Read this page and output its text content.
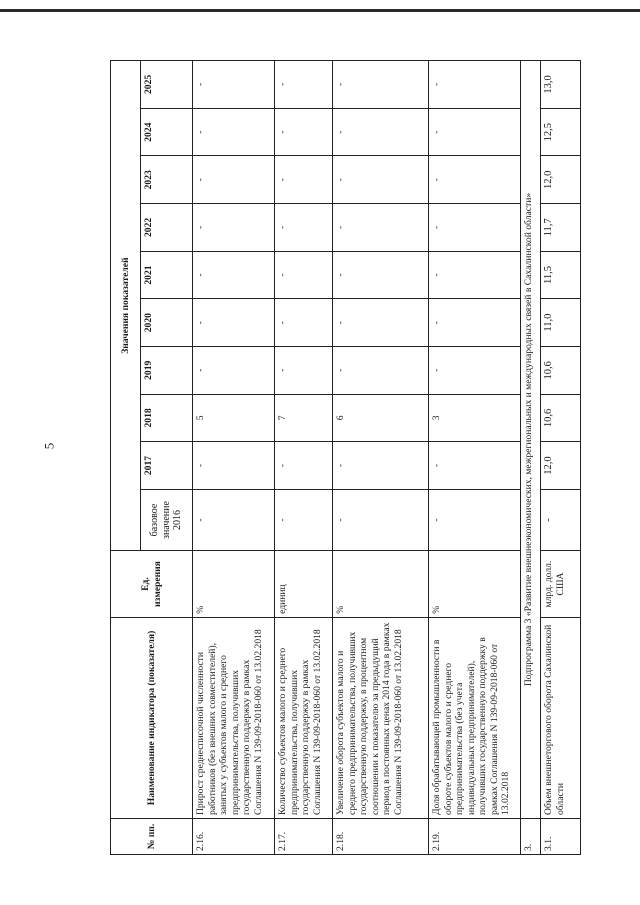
5
№ пп.	Наименование индикатора (показателя)	Ед. измерения	Значения показателей									
			базовое значение 2016	2017	2018	2019	2020	2021	2022	2023	2024	2025
2.16.	Прирост среднесписочной численности работников (без внешних совместителей), занятых у субъектов малого и среднего предпринимательства, получивших государственную поддержку в рамках Соглашения N 139-09-2018-060 от 13.02.2018	%	-	-	5	-	-	-	-	-	-	-
2.17.	Количество субъектов малого и среднего предпринимательства, получивших государственную поддержку в рамках Соглашения N 139-09-2018-060 от 13.02.2018	единиц	-	-	7	-	-	-	-	-	-	-
2.18.	Увеличение оборота субъектов малого и среднего предпринимательства, получивших государственную поддержку, в процентном соотношении к показателю за предыдущий период в постоянных ценах 2014 года в рамках Соглашения N 139-09-2018-060 от 13.02.2018	%	-	-	6	-	-	-	-	-	-	-
2.19.	Доля обрабатывающей промышленности в обороте субъектов малого и среднего предпринимательства (без учета индивидуальных предпринимателей), получивших государственную поддержку в рамках Соглашения N 139-09-2018-060 от 13.02.2018	%	-	-	3	-	-	-	-	-	-	-
3.	Подпрограмма 3 «Развитие внешнеэкономических, межрегиональных и международных связей в Сахалинской области»											
3.1.	Объем внешнеторгового оборота Сахалинской области	млрд. долл. США	-	12,0	10,6	10,6	11,0	11,5	11,7	12,0	12,5	13,0
